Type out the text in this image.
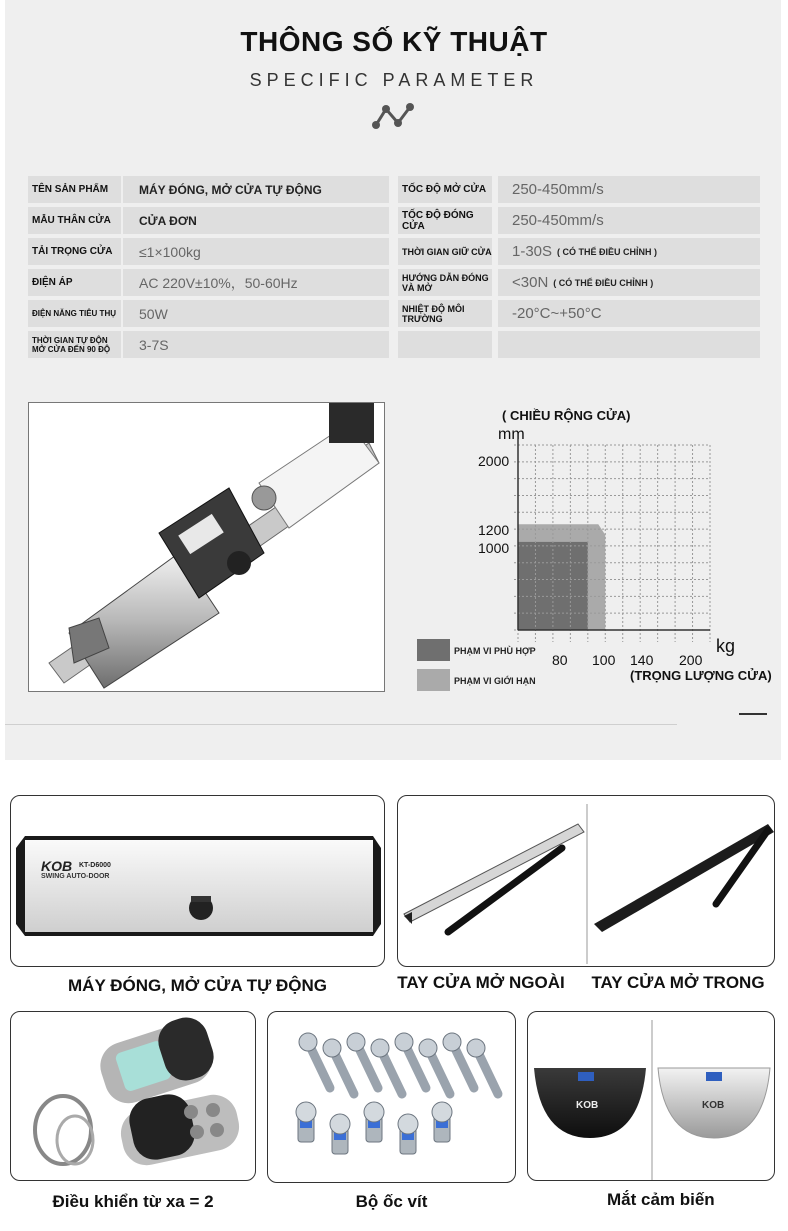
THÔNG SỐ KỸ THUẬT
SPECIFIC PARAMETER
TÊN SẢN PHẨM	MÁY ĐÓNG, MỞ CỬA TỰ ĐỘNG	TỐC ĐỘ MỞ CỬA 250-450mm/s
MẪU THÂN CỬA CỬA ĐƠN	TỐC ĐỘ ĐÓNG CỬA	250-450mm/s
TẢI TRỌNG CỬA ≤1×100kg	THỜI GIAN GIỮ CỬA 1-30S ( CÓ THỂ ĐIỀU CHỈNH )
ĐIỆN ÁP	AC 220V±10%，50-60Hz	HƯỚNG DẪN ĐÓNG VÀ MỞ	<30N ( CÓ THỂ ĐIỀU CHỈNH )
ĐIỆN NĂNG TIÊU THỤ 50W	NHIỆT ĐỘ MÔI TRƯỜNG	-20°C~+50°C
THỜI GIAN TỰ ĐỘN MỞ CỬA ĐẾN 90 ĐỘ	3-7S
( CHIỀU RỘNG CỬA)
mm
2000
1200
1000
80 100 140 200
kg
(TRỌNG LƯỢNG CỬA)
PHẠM VI PHÙ HỢP
PHẠM VI GIỚI HẠN
KOB KT-D6000
SWING AUTO-DOOR
MÁY ĐÓNG, MỞ CỬA TỰ ĐỘNG	TAY CỬA MỞ NGOÀI TAY CỬA MỞ TRONG
Điều khiển từ xa = 2	Bộ ốc vít
KOB	KOB
Mắt cảm biến
